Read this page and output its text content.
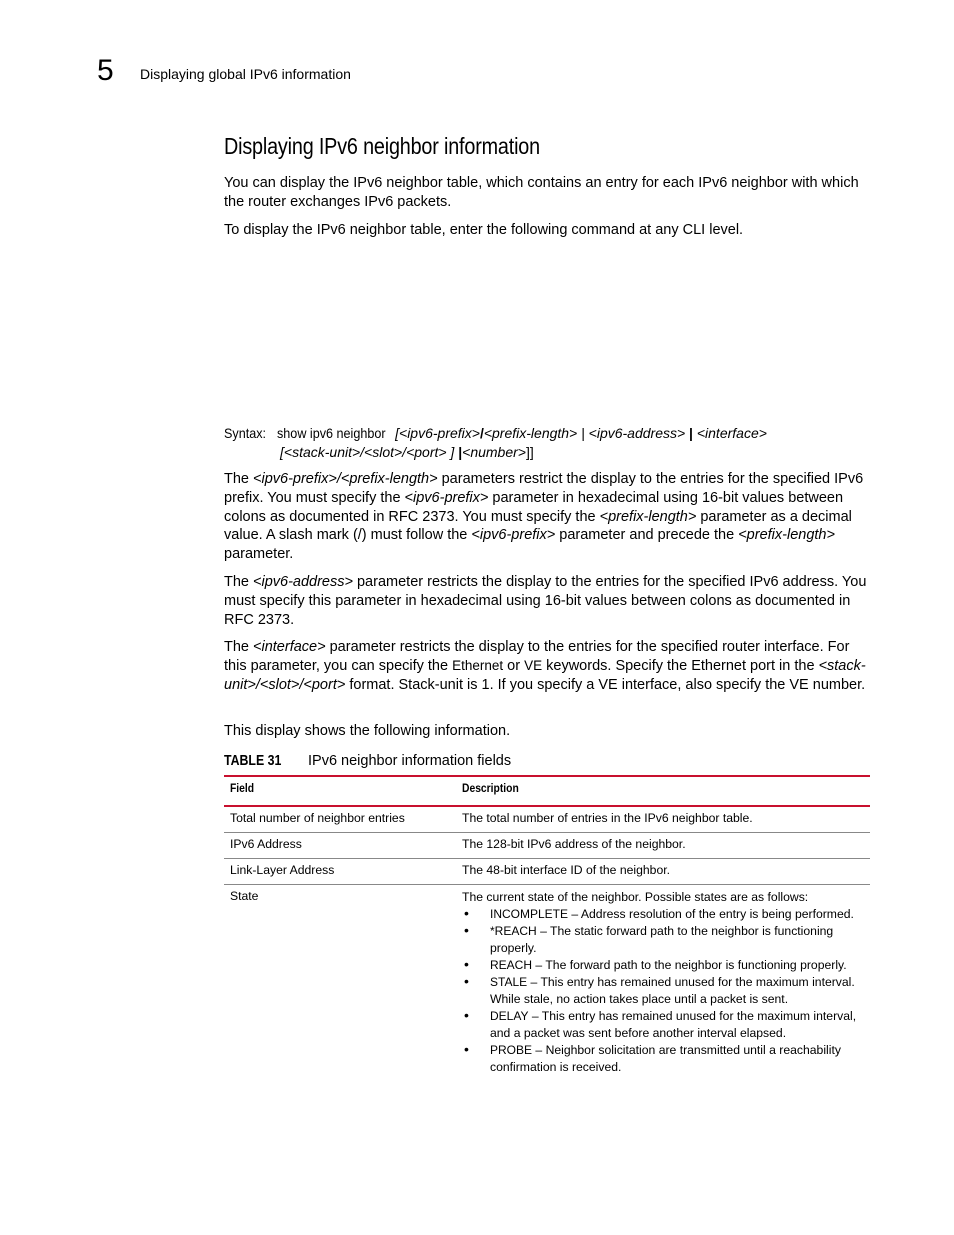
5 Displaying global IPv6 information
Displaying IPv6 neighbor information

You can display the IPv6 neighbor table, which contains an entry for each IPv6 neighbor with which the router exchanges IPv6 packets.

To display the IPv6 neighbor table, enter the following command at any CLI level.

Syntax: show ipv6 neighbor [<ipv6-prefix>/<prefix-length> | <ipv6-address> | <interface>
[<stack-unit>/<slot>/<port> ] |<number>]]

The <ipv6-prefix>/<prefix-length> parameters restrict the display to the entries for the specified IPv6 prefix. You must specify the <ipv6-prefix> parameter in hexadecimal using 16-bit values between colons as documented in RFC 2373. You must specify the <prefix-length> parameter as a decimal value. A slash mark (/) must follow the <ipv6-prefix> parameter and precede the <prefix-length> parameter.

The <ipv6-address> parameter restricts the display to the entries for the specified IPv6 address. You must specify this parameter in hexadecimal using 16-bit values between colons as documented in RFC 2373.

The <interface> parameter restricts the display to the entries for the specified router interface. For this parameter, you can specify the Ethernet or VE keywords. Specify the Ethernet port in the <stack-unit>/<slot>/<port> format. Stack-unit is 1. If you specify a VE interface, also specify the VE number.

This display shows the following information.

TABLE 31 IPv6 neighbor information fields
Field	Description
Total number of neighbor entries	The total number of entries in the IPv6 neighbor table.
IPv6 Address	The 128-bit IPv6 address of the neighbor.
Link-Layer Address	The 48-bit interface ID of the neighbor.
State	The current state of the neighbor. Possible states are as follows:
• INCOMPLETE – Address resolution of the entry is being performed.
• *REACH – The static forward path to the neighbor is functioning properly.
• REACH – The forward path to the neighbor is functioning properly.
• STALE – This entry has remained unused for the maximum interval. While stale, no action takes place until a packet is sent.
• DELAY – This entry has remained unused for the maximum interval, and a packet was sent before another interval elapsed.
• PROBE – Neighbor solicitation are transmitted until a reachability confirmation is received.
